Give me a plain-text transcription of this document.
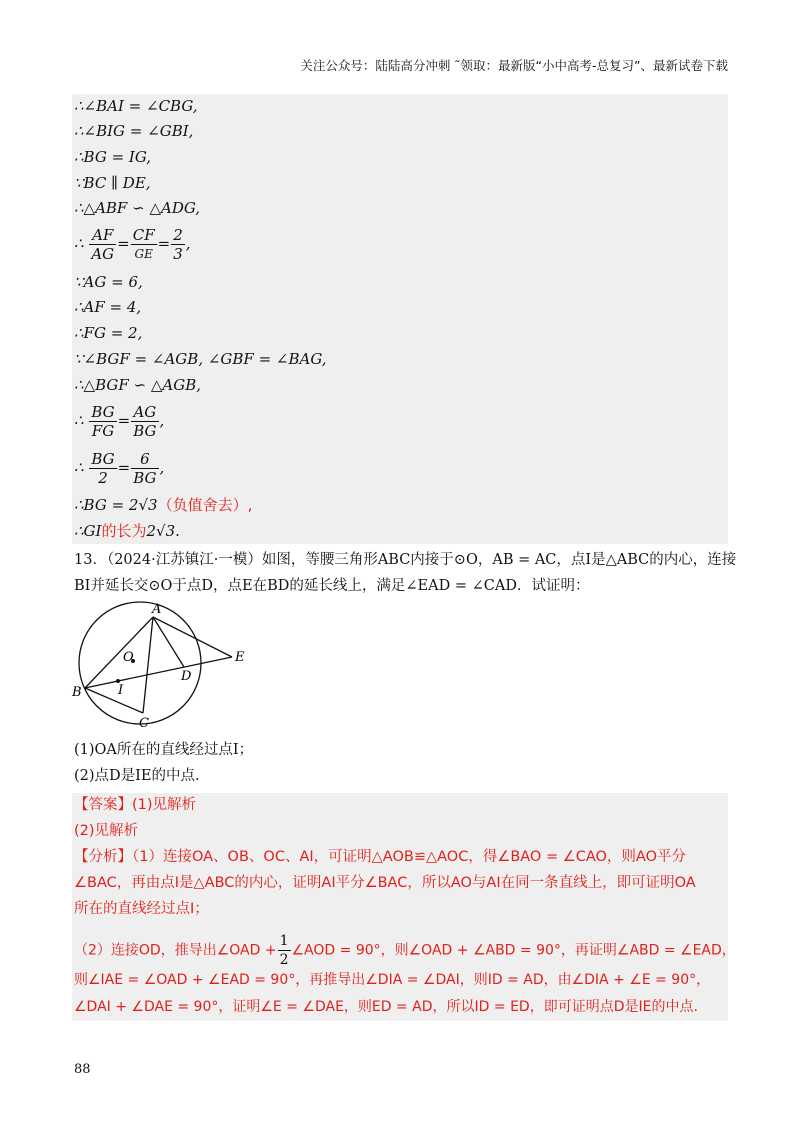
关注公众号：陆陆高分冲刺 ˜领取：最新版“小中高考-总复习”、最新试卷下载
∴∠BAI = ∠CBG,
∴∠BIG = ∠GBI,
∴BG = IG,
∵BC ∥ DE,
∴△ABF ∽ △ADG,
∴ $\frac{AF}{AG} = \frac{CF}{GE} = \frac{2}{3}$ ,
∵AG = 6,
∴AF = 4,
∴FG = 2,
∵∠BGF = ∠AGB, ∠GBF = ∠BAG,
∴△BGF ∽ △AGB,
∴ $\frac{BG}{FG} = \frac{AG}{BG}$ ,
∴ $\frac{BG}{2} = \frac{6}{BG}$ ,
∴BG = 2√3（负值舍去）,
∴GI的长为2√3.
13．（2024·江苏镇江·一模）如图，等腰三角形ABC内接于⊙O，AB = AC，点I是△ABC的内心，连接
BI并延长交⊙O于点D，点E在BD的延长线上，满足∠EAD = ∠CAD．试证明：
A
B
C
D
E
O
I
(1)OA所在的直线经过点I；
(2)点D是IE的中点.
【答案】(1)见解析
(2)见解析
【分析】（1）连接OA、OB、OC、AI，可证明△AOB≌△AOC，得∠BAO = ∠CAO，则AO平分
∠BAC，再由点I是△ABC的内心，证明AI平分∠BAC，所以AO与AI在同一条直线上，即可证明OA
所在的直线经过点I；
（2）连接OD，推导出∠OAD + $\frac{1}{2}$ ∠AOD = 90°，则∠OAD + ∠ABD = 90°，再证明∠ABD = ∠EAD，
则∠IAE = ∠OAD + ∠EAD = 90°，再推导出∠DIA = ∠DAI，则ID = AD，由∠DIA + ∠E = 90°，
∠DAI + ∠DAE = 90°，证明∠E = ∠DAE，则ED = AD，所以ID = ED，即可证明点D是IE的中点.
88
